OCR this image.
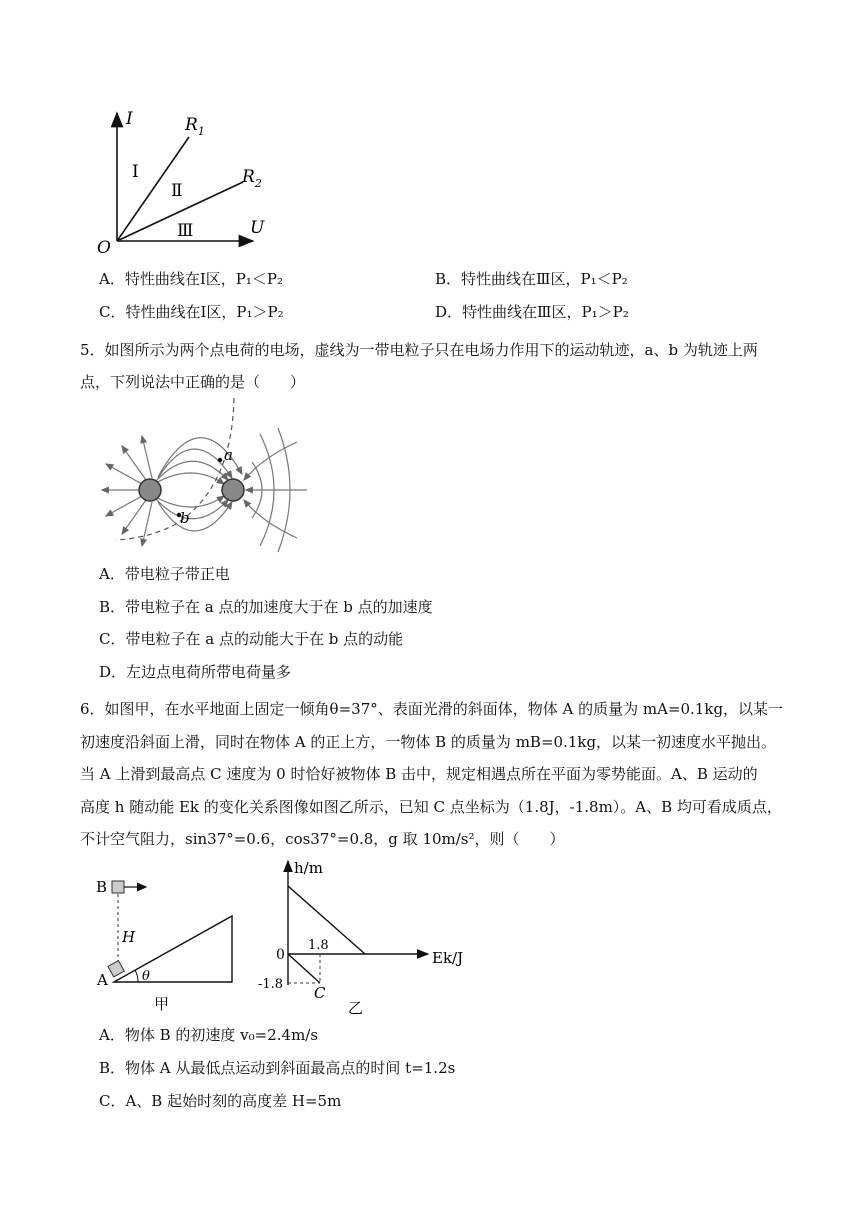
I
U
O
$R_1$
$R_2$
Ⅰ
Ⅱ
Ⅲ
A．特性曲线在Ⅰ区，P₁＜P₂	B．特性曲线在Ⅲ区，P₁＜P₂
C．特性曲线在Ⅰ区，P₁＞P₂	D．特性曲线在Ⅲ区，P₁＞P₂
5．如图所示为两个点电荷的电场，虚线为一带电粒子只在电场力作用下的运动轨迹，a、b 为轨迹上两
点，下列说法中正确的是（　　）
a
b
A．带电粒子带正电
B．带电粒子在 a 点的加速度大于在 b 点的加速度
C．带电粒子在 a 点的动能大于在 b 点的动能
D．左边点电荷所带电荷量多
6．如图甲，在水平地面上固定一倾角θ=37°、表面光滑的斜面体，物体 A 的质量为 mA=0.1kg，以某一
初速度沿斜面上滑，同时在物体 A 的正上方，一物体 B 的质量为 mB=0.1kg，以某一初速度水平抛出。
当 A 上滑到最高点 C 速度为 0 时恰好被物体 B 击中，规定相遇点所在平面为零势能面。A、B 运动的
高度 h 随动能 Ek 的变化关系图像如图乙所示，已知 C 点坐标为（1.8J，-1.8m）。A、B 均可看成质点，
不计空气阻力，sin37°=0.6，cos37°=0.8，g 取 10m/s²，则（　　）
B
H
A	θ
甲
h/m
Ek/J
0
1.8
-1.8 C
乙
A．物体 B 的初速度 v₀=2.4m/s
B．物体 A 从最低点运动到斜面最高点的时间 t=1.2s
C．A、B 起始时刻的高度差 H=5m
